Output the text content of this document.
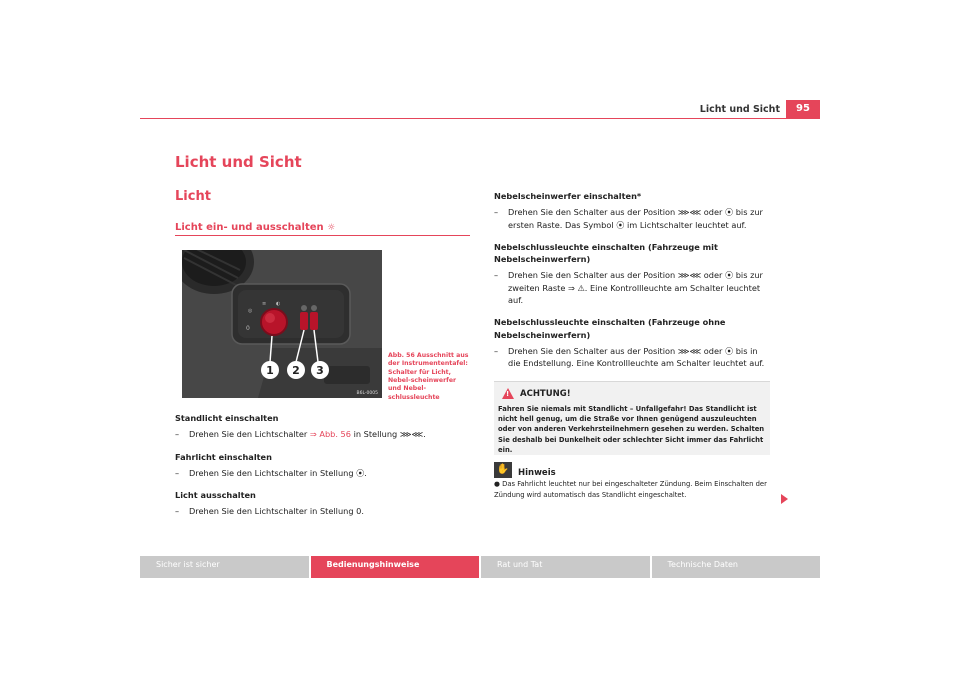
Licht und Sicht	95
Licht und Sicht
Licht
Licht ein- und ausschalten ☼
0
◎
≡ ◐
1 2 3
B6L-0005
Abb. 56 Ausschnitt aus der Instrumententafel: Schalter für Licht, Nebel-scheinwerfer und Nebel-schlussleuchte
Standlicht einschalten
–	Drehen Sie den Lichtschalter ⇒ Abb. 56 in Stellung ⋙⋘.
Fahrlicht einschalten
–	Drehen Sie den Lichtschalter in Stellung ⦿.
Licht ausschalten
–	Drehen Sie den Lichtschalter in Stellung 0.
Nebelscheinwerfer einschalten*
–	Drehen Sie den Schalter aus der Position ⋙⋘ oder ⦿ bis zur ersten Raste. Das Symbol ⦿ im Lichtschalter leuchtet auf.
Nebelschlussleuchte einschalten (Fahrzeuge mit Nebelscheinwerfern)
–	Drehen Sie den Schalter aus der Position ⋙⋘ oder ⦿ bis zur zweiten Raste ⇒ ⚠. Eine Kontrollleuchte am Schalter leuchtet auf.
Nebelschlussleuchte einschalten (Fahrzeuge ohne Nebelscheinwerfern)
–	Drehen Sie den Schalter aus der Position ⋙⋘ oder ⦿ bis in die Endstellung. Eine Kontrollleuchte am Schalter leuchtet auf.
!
ACHTUNG!
Fahren Sie niemals mit Standlicht – Unfallgefahr! Das Standlicht ist nicht hell genug, um die Straße vor Ihnen genügend auszuleuchten oder von anderen Verkehrsteilnehmern gesehen zu werden. Schalten Sie deshalb bei Dunkelheit oder schlechter Sicht immer das Fahrlicht ein.
✋	Hinweis
● Das Fahrlicht leuchtet nur bei eingeschalteter Zündung. Beim Einschalten der Zündung wird automatisch das Standlicht eingeschaltet.
Sicher ist sicher	Bedienungshinweise	Rat und Tat	Technische Daten
